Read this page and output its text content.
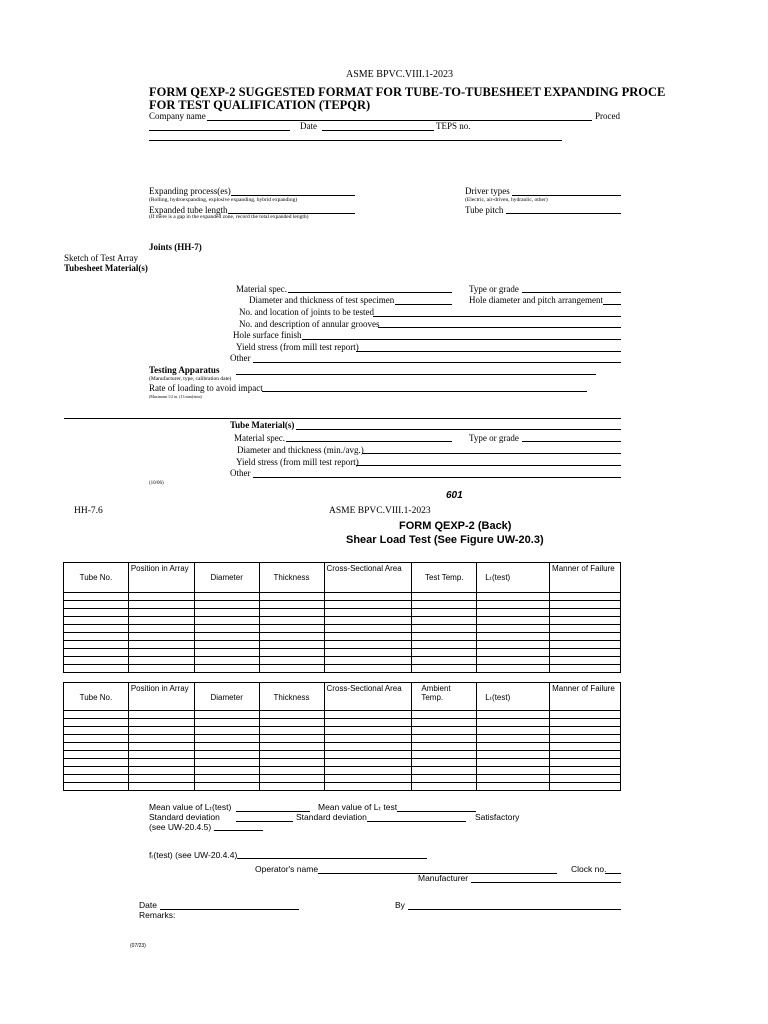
ASME BPVC.VIII.1-2023
FORM QEXP-2 SUGGESTED FORMAT FOR TUBE-TO-TUBESHEET EXPANDING PROCE
FOR TEST QUALIFICATION (TEPQR)
Company name	Proced
Date	TEPS no.
Expanding process(es)
(Rolling, hydroexpanding, explosive expanding, hybrid expanding)
Driver types
(Electric, air-driven, hydraulic, other)
Expanded tube length
(If there is a gap in the expanded zone, record the total expanded length)
Tube pitch
Joints (HH-7)
Sketch of Test Array
Tubesheet Material(s)
Material spec.	Type or grade
Diameter and thickness of test specimen	Hole diameter and pitch arrangement
No. and location of joints to be tested
No. and description of annular grooves
Hole surface finish
Yield stress (from mill test report)
Other
Testing Apparatus
(Manufacturer, type, calibration date)
Rate of loading to avoid impact
(Maximum 1/2 in. (13 mm)/min)
Tube Material(s)
Material spec.	Type or grade
Diameter and thickness (min./avg.)
Yield stress (from mill test report)
Other
(10/06)
601
HH-7.6	ASME BPVC.VIII.1-2023
FORM QEXP-2 (Back)
Shear Load Test (See Figure UW-20.3)
Tube No.	Position in Array	Diameter	Thickness	Cross-Sectional Area	Test Temp.	Lₜ(test)	Manner of Failure

Tube No.	Position in Array	Diameter	Thickness	Cross-Sectional Area	Ambient Temp.	Lₜ(test)	Manner of Failure

Mean value of Lₜ(test)	Mean value of Lₜ test
Standard deviation	Standard deviation	Satisfactory
(see UW-20.4.5)
fᵣ(test) (see UW-20.4.4)
Operator's name	Clock no.
Manufacturer
Date	By
Remarks:
(07/23)
